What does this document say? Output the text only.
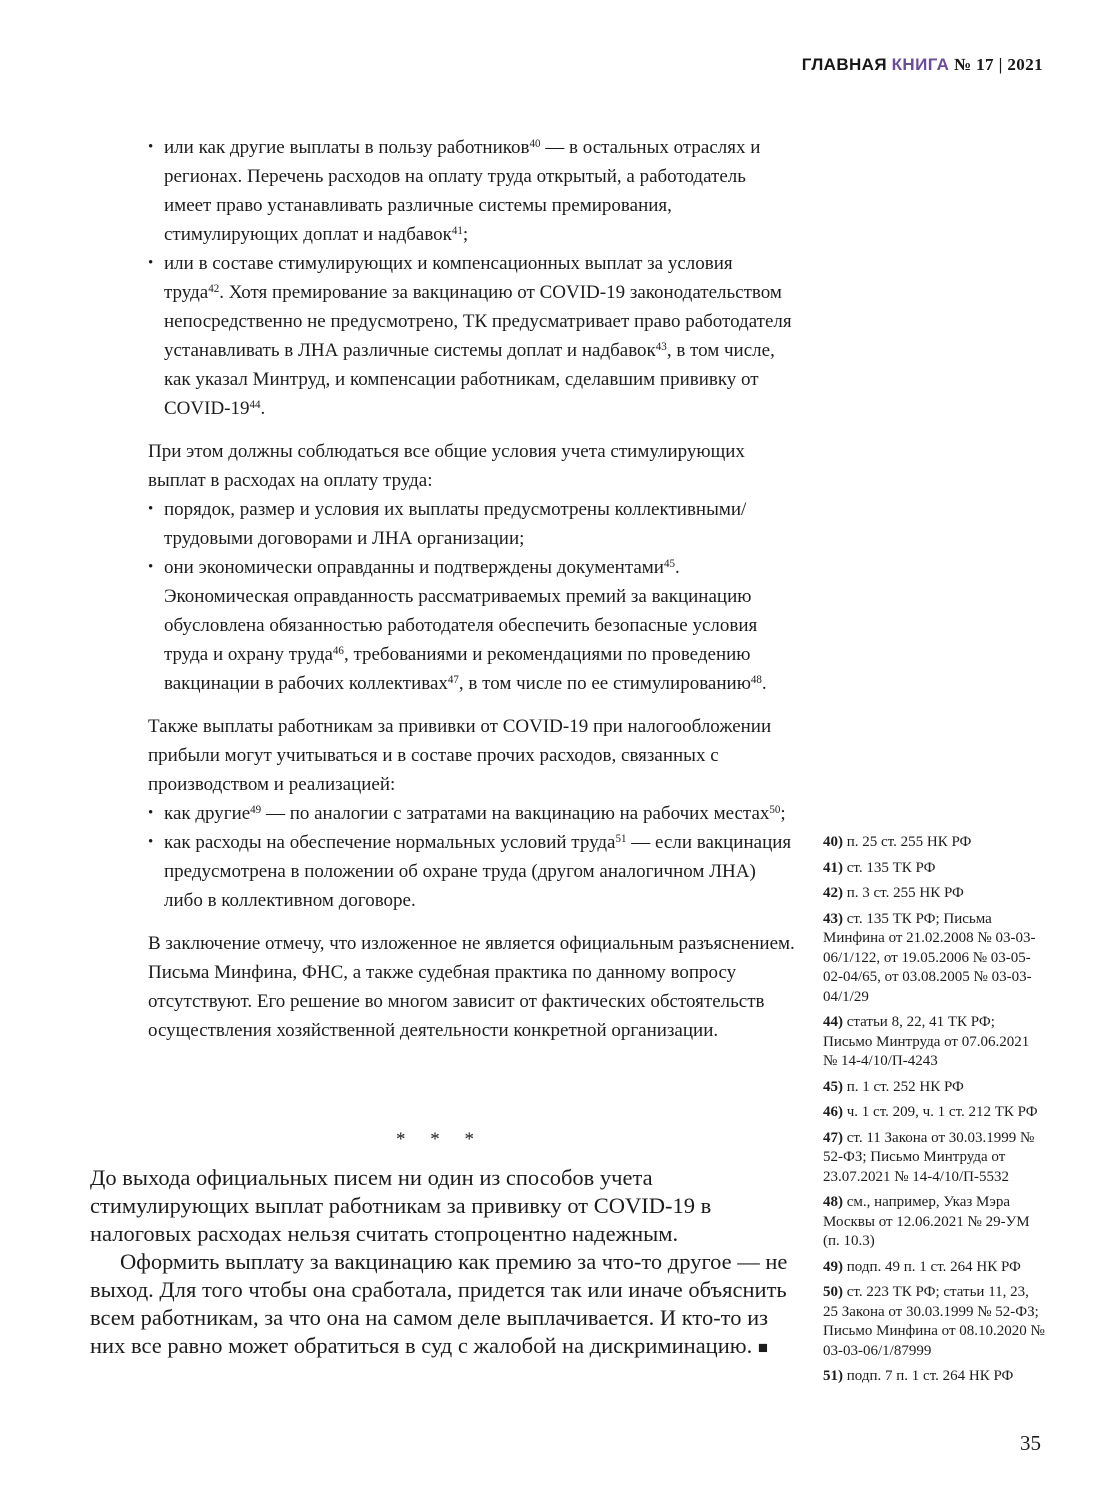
ГЛАВНАЯ КНИГА № 17 | 2021
• или как другие выплаты в пользу работников$^{40}$ — в остальных отраслях и регионах. Перечень расходов на оплату труда открытый, а работодатель имеет право устанавливать различные системы премирования, стимулирующих доплат и надбавок$^{41}$;
• или в составе стимулирующих и компенсационных выплат за условия труда$^{42}$. Хотя премирование за вакцинацию от COVID-19 законодательством непосредственно не предусмотрено, ТК предусматривает право работодателя устанавливать в ЛНА различные системы доплат и надбавок$^{43}$, в том числе, как указал Минтруд, и компенсации работникам, сделавшим прививку от COVID-$19^{44}$.

При этом должны соблюдаться все общие условия учета стимулирующих выплат в расходах на оплату труда:

• порядок, размер и условия их выплаты предусмотрены коллективными/трудовыми договорами и ЛНА организации;
• они экономически оправданны и подтверждены документами$^{45}$. Экономическая оправданность рассматриваемых премий за вакцинацию обусловлена обязанностью работодателя обеспечить безопасные условия труда и охрану труда$^{46}$, требованиями и рекомендациями по проведению вакцинации в рабочих коллективах$^{47}$, в том числе по ее стимулированию$^{48}$.

Также выплаты работникам за прививки от COVID-19 при налогообложении прибыли могут учитываться и в составе прочих расходов, связанных с производством и реализацией:

• как другие$^{49}$ — по аналогии с затратами на вакцинацию на рабочих местах$^{50}$;
• как расходы на обеспечение нормальных условий труда$^{51}$ — если вакцинация предусмотрена в положении об охране труда (другом аналогичном ЛНА) либо в коллективном договоре.

В заключение отмечу, что изложенное не является официальным разъяснением. Письма Минфина, ФНС, а также судебная практика по данному вопросу отсутствуют. Его решение во многом зависит от фактических обстоятельств осуществления хозяйственной деятельности конкретной организации.

* * *

До выхода официальных писем ни один из способов учета стимулирующих выплат работникам за прививку от COVID-19 в налоговых расходах нельзя считать стопроцентно надежным.

Оформить выплату за вакцинацию как премию за что-то другое — не выход. Для того чтобы она сработала, придется так или иначе объяснить всем работникам, за что она на самом деле выплачивается. И кто-то из них все равно может обратиться в суд с жалобой на дискриминацию. ■

40) п. 25 ст. 255 НК РФ
41) ст. 135 ТК РФ
42) п. 3 ст. 255 НК РФ
43) ст. 135 ТК РФ; Письма Минфина от 21.02.2008 № 03-03-06/1/122, от 19.05.2006 № 03-05-02-04/65, от 03.08.2005 № 03-03-04/1/29
44) статьи 8, 22, 41 ТК РФ; Письмо Минтруда от 07.06.2021 № 14-4/10/П-4243
45) п. 1 ст. 252 НК РФ
46) ч. 1 ст. 209, ч. 1 ст. 212 ТК РФ
47) ст. 11 Закона от 30.03.1999 № 52-ФЗ; Письмо Минтруда от 23.07.2021 № 14-4/10/П-5532
48) см., например, Указ Мэра Москвы от 12.06.2021 № 29-УМ (п. 10.3)
49) подп. 49 п. 1 ст. 264 НК РФ
50) ст. 223 ТК РФ; статьи 11, 23, 25 Закона от 30.03.1999 № 52-ФЗ; Письмо Минфина от 08.10.2020 № 03-03-06/1/87999
51) подп. 7 п. 1 ст. 264 НК РФ
35
